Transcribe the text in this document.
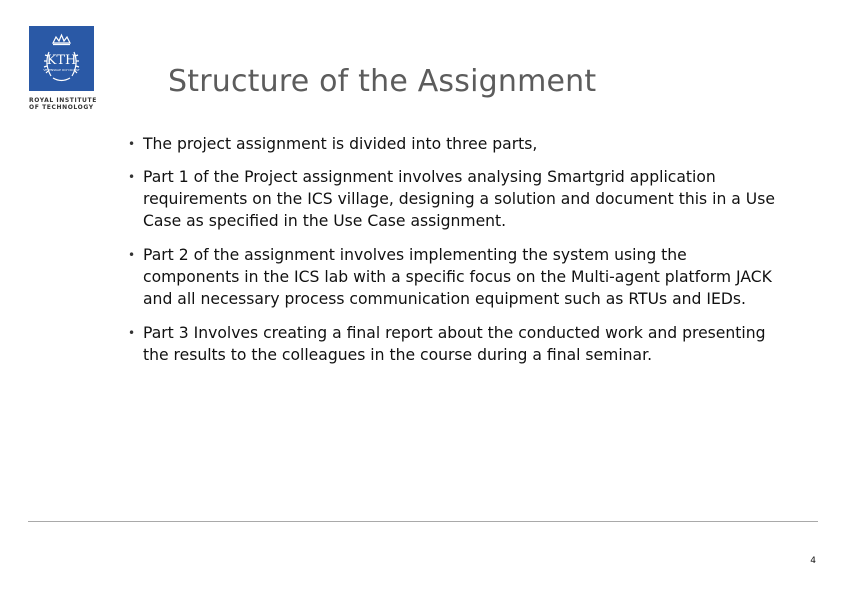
KTH
VETENSKAP OCH KONST
ROYAL INSTITUTE
OF TECHNOLOGY
Structure of the Assignment
• The project assignment is divided into three parts,
• Part 1 of the Project assignment involves analysing Smartgrid application requirements on the ICS village, designing a solution and document this in a Use Case as specified in the Use Case assignment.
• Part 2 of the assignment involves implementing the system using the components in the ICS lab with a specific focus on the Multi-agent platform JACK and all necessary process communication equipment such as RTUs and IEDs.
• Part 3 Involves creating a final report about the conducted work and presenting the results to the colleagues in the course during a final seminar.
4
